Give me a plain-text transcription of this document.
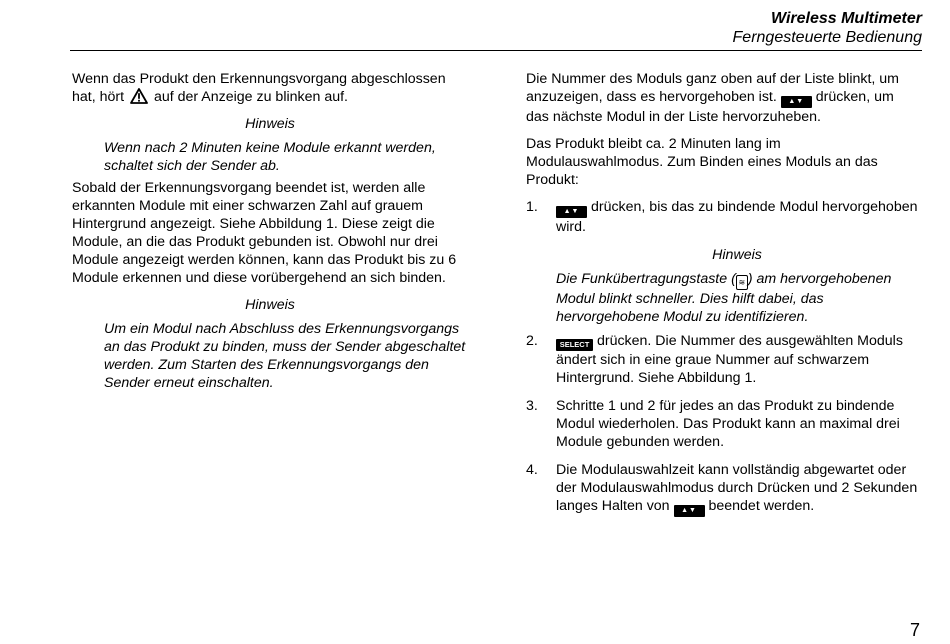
Wireless Multimeter
Ferngesteuerte Bedienung

Wenn das Produkt den Erkennungsvorgang abgeschlossen hat, hört auf der Anzeige zu blinken auf.

Hinweis
Wenn nach 2 Minuten keine Module erkannt werden, schaltet sich der Sender ab.

Sobald der Erkennungsvorgang beendet ist, werden alle erkannten Module mit einer schwarzen Zahl auf grauem Hintergrund angezeigt. Siehe Abbildung 1. Diese zeigt die Module, an die das Produkt gebunden ist. Obwohl nur drei Module angezeigt werden können, kann das Produkt bis zu 6 Module erkennen und diese vorübergehend an sich binden.

Hinweis
Um ein Modul nach Abschluss des Erkennungsvorgangs an das Produkt zu binden, muss der Sender abgeschaltet werden. Zum Starten des Erkennungsvorgangs den Sender erneut einschalten.

Die Nummer des Moduls ganz oben auf der Liste blinkt, um anzuzeigen, dass es hervorgehoben ist. ▲▼ drücken, um das nächste Modul in der Liste hervorzuheben.

Das Produkt bleibt ca. 2 Minuten lang im Modulauswahlmodus. Zum Binden eines Moduls an das Produkt:

1.	▲▼ drücken, bis das zu bindende Modul hervorgehoben wird.
Hinweis
Die Funkübertragungstaste ( ≋ ) am hervorgehobenen Modul blinkt schneller. Dies hilft dabei, das hervorgehobene Modul zu identifizieren.
2.	SELECT drücken. Die Nummer des ausgewählten Moduls ändert sich in eine graue Nummer auf schwarzem Hintergrund. Siehe Abbildung 1.
3. Schritte 1 und 2 für jedes an das Produkt zu bindende Modul wiederholen. Das Produkt kann an maximal drei Module gebunden werden.
4. Die Modulauswahlzeit kann vollständig abgewartet oder der Modulauswahlmodus durch Drücken und 2 Sekunden langes Halten von ▲▼ beendet werden.
7
